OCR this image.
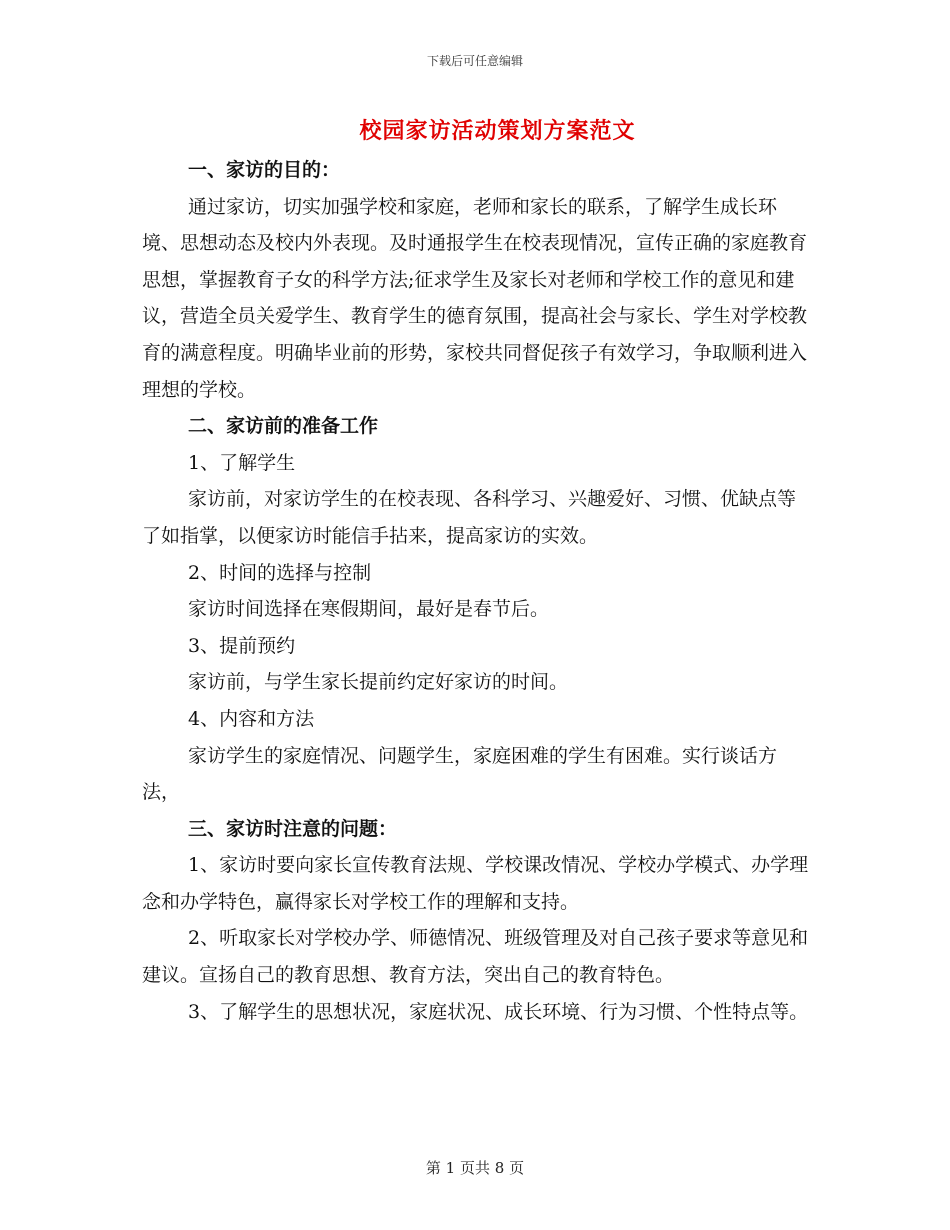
下载后可任意编辑
校园家访活动策划方案范文

一、家访的目的：

通过家访，切实加强学校和家庭，老师和家长的联系，了解学生成长环境、思想动态及校内外表现。及时通报学生在校表现情况，宣传正确的家庭教育思想，掌握教育子女的科学方法;征求学生及家长对老师和学校工作的意见和建议，营造全员关爱学生、教育学生的德育氛围，提高社会与家长、学生对学校教育的满意程度。明确毕业前的形势，家校共同督促孩子有效学习，争取顺利进入理想的学校。

二、家访前的准备工作

1、了解学生

家访前，对家访学生的在校表现、各科学习、兴趣爱好、习惯、优缺点等了如指掌，以便家访时能信手拈来，提高家访的实效。

2、时间的选择与控制

家访时间选择在寒假期间，最好是春节后。

3、提前预约

家访前，与学生家长提前约定好家访的时间。

4、内容和方法

家访学生的家庭情况、问题学生，家庭困难的学生有困难。实行谈话方法，

三、家访时注意的问题：

1、家访时要向家长宣传教育法规、学校课改情况、学校办学模式、办学理念和办学特色，赢得家长对学校工作的理解和支持。

2、听取家长对学校办学、师德情况、班级管理及对自己孩子要求等意见和建议。宣扬自己的教育思想、教育方法，突出自己的教育特色。

3、了解学生的思想状况，家庭状况、成长环境、行为习惯、个性特点等。

第 1 页共 8 页
